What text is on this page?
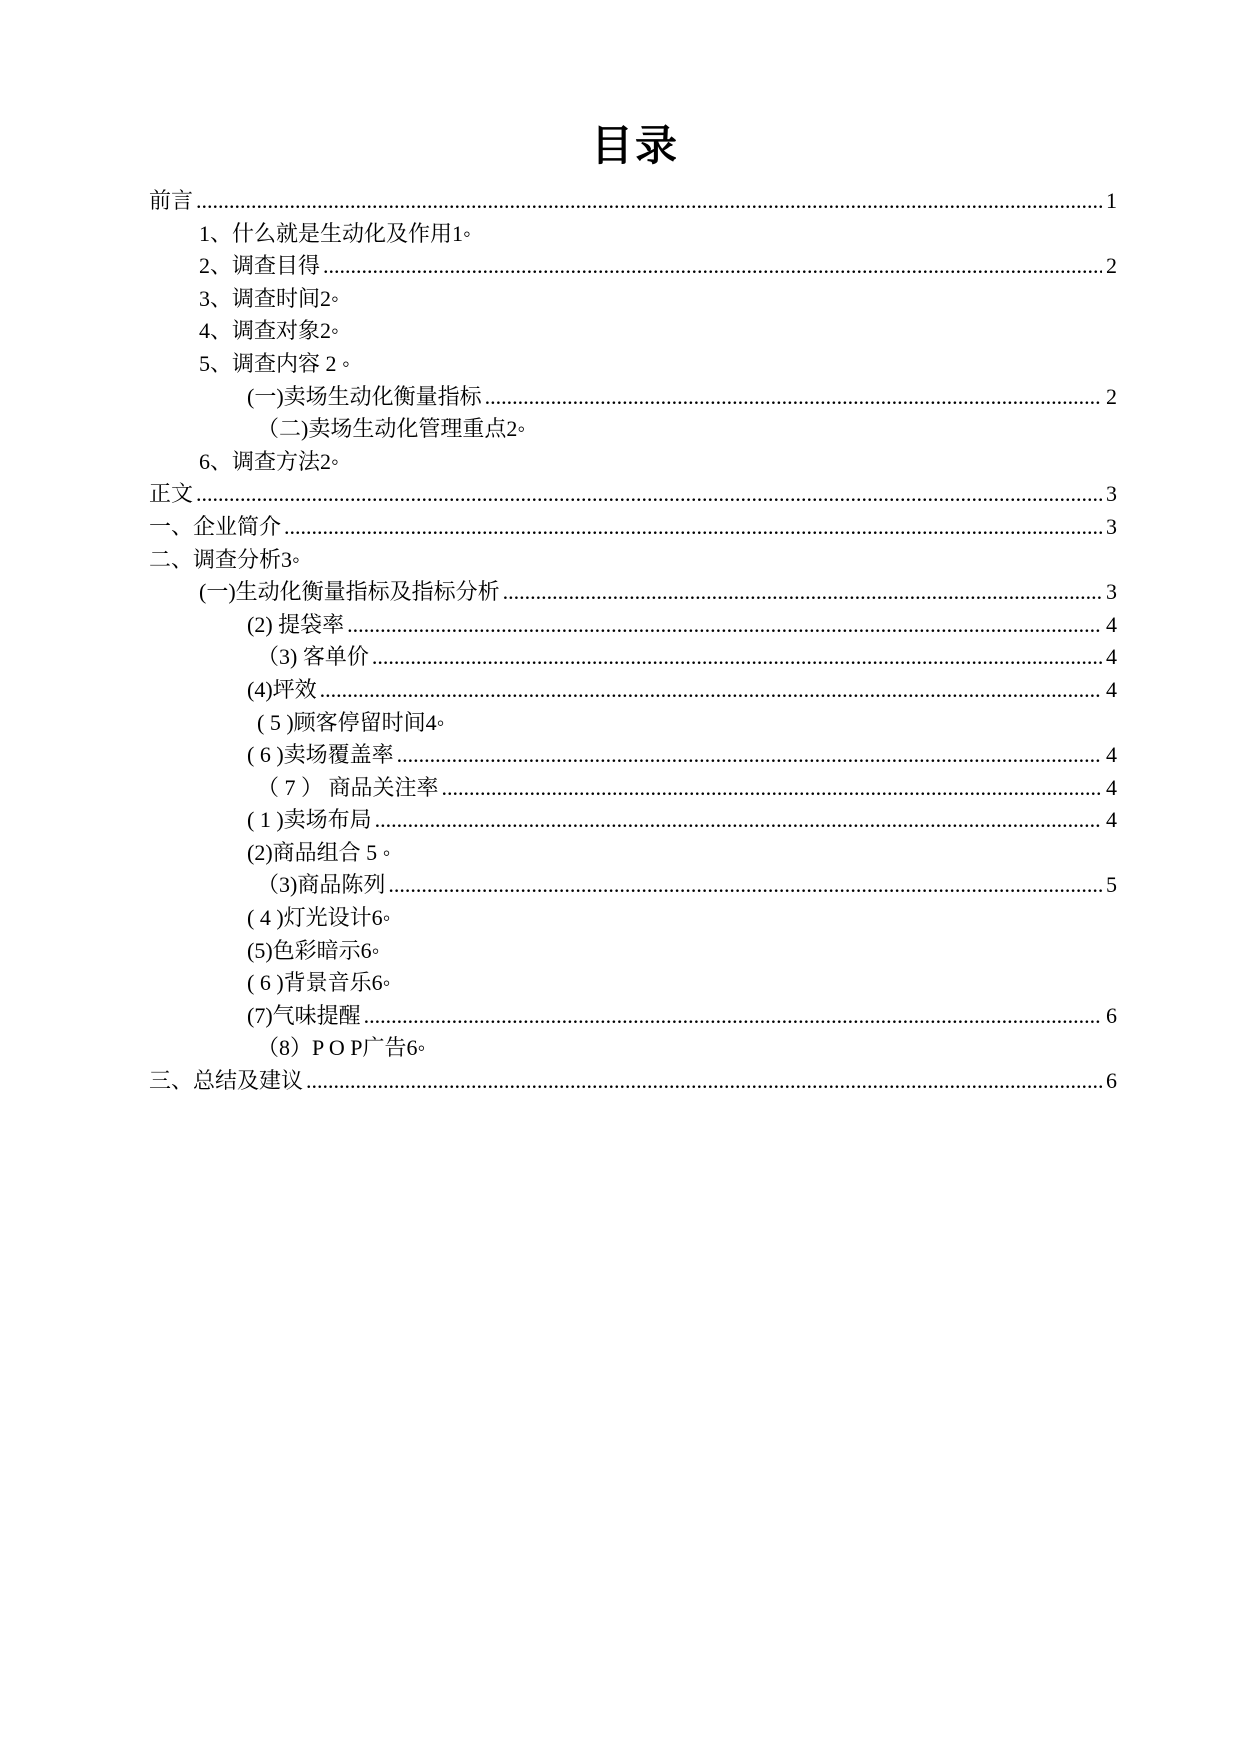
目录
前言 .....	1
1、什么就是生动化及作用1◦
2、调查目得 .....	2
3、调查时间2◦
4、调查对象2◦
5、调查内容 2 ◦
(一)卖场生动化衡量指标 .....	2
（二)卖场生动化管理重点2◦
6、调查方法2◦
正文 .....	3
一、企业简介 .....	3
二、调查分析3◦
(一)生动化衡量指标及指标分析 .....	3
(2) 提袋率 .....	4
（3) 客单价 .....	4
(4)坪效 .....	4
( 5 )顾客停留时间4◦
( 6 )卖场覆盖率 .....	4
（ 7 ） 商品关注率 .....	4
( 1 )卖场布局 .....	4
(2)商品组合 5 ◦
（3)商品陈列 .....	5
( 4 )灯光设计6◦
(5)色彩暗示6◦
( 6 )背景音乐6◦
(7)气味提醒 .....	6
（8）P O P广告6◦
三、总结及建议 .....	6
